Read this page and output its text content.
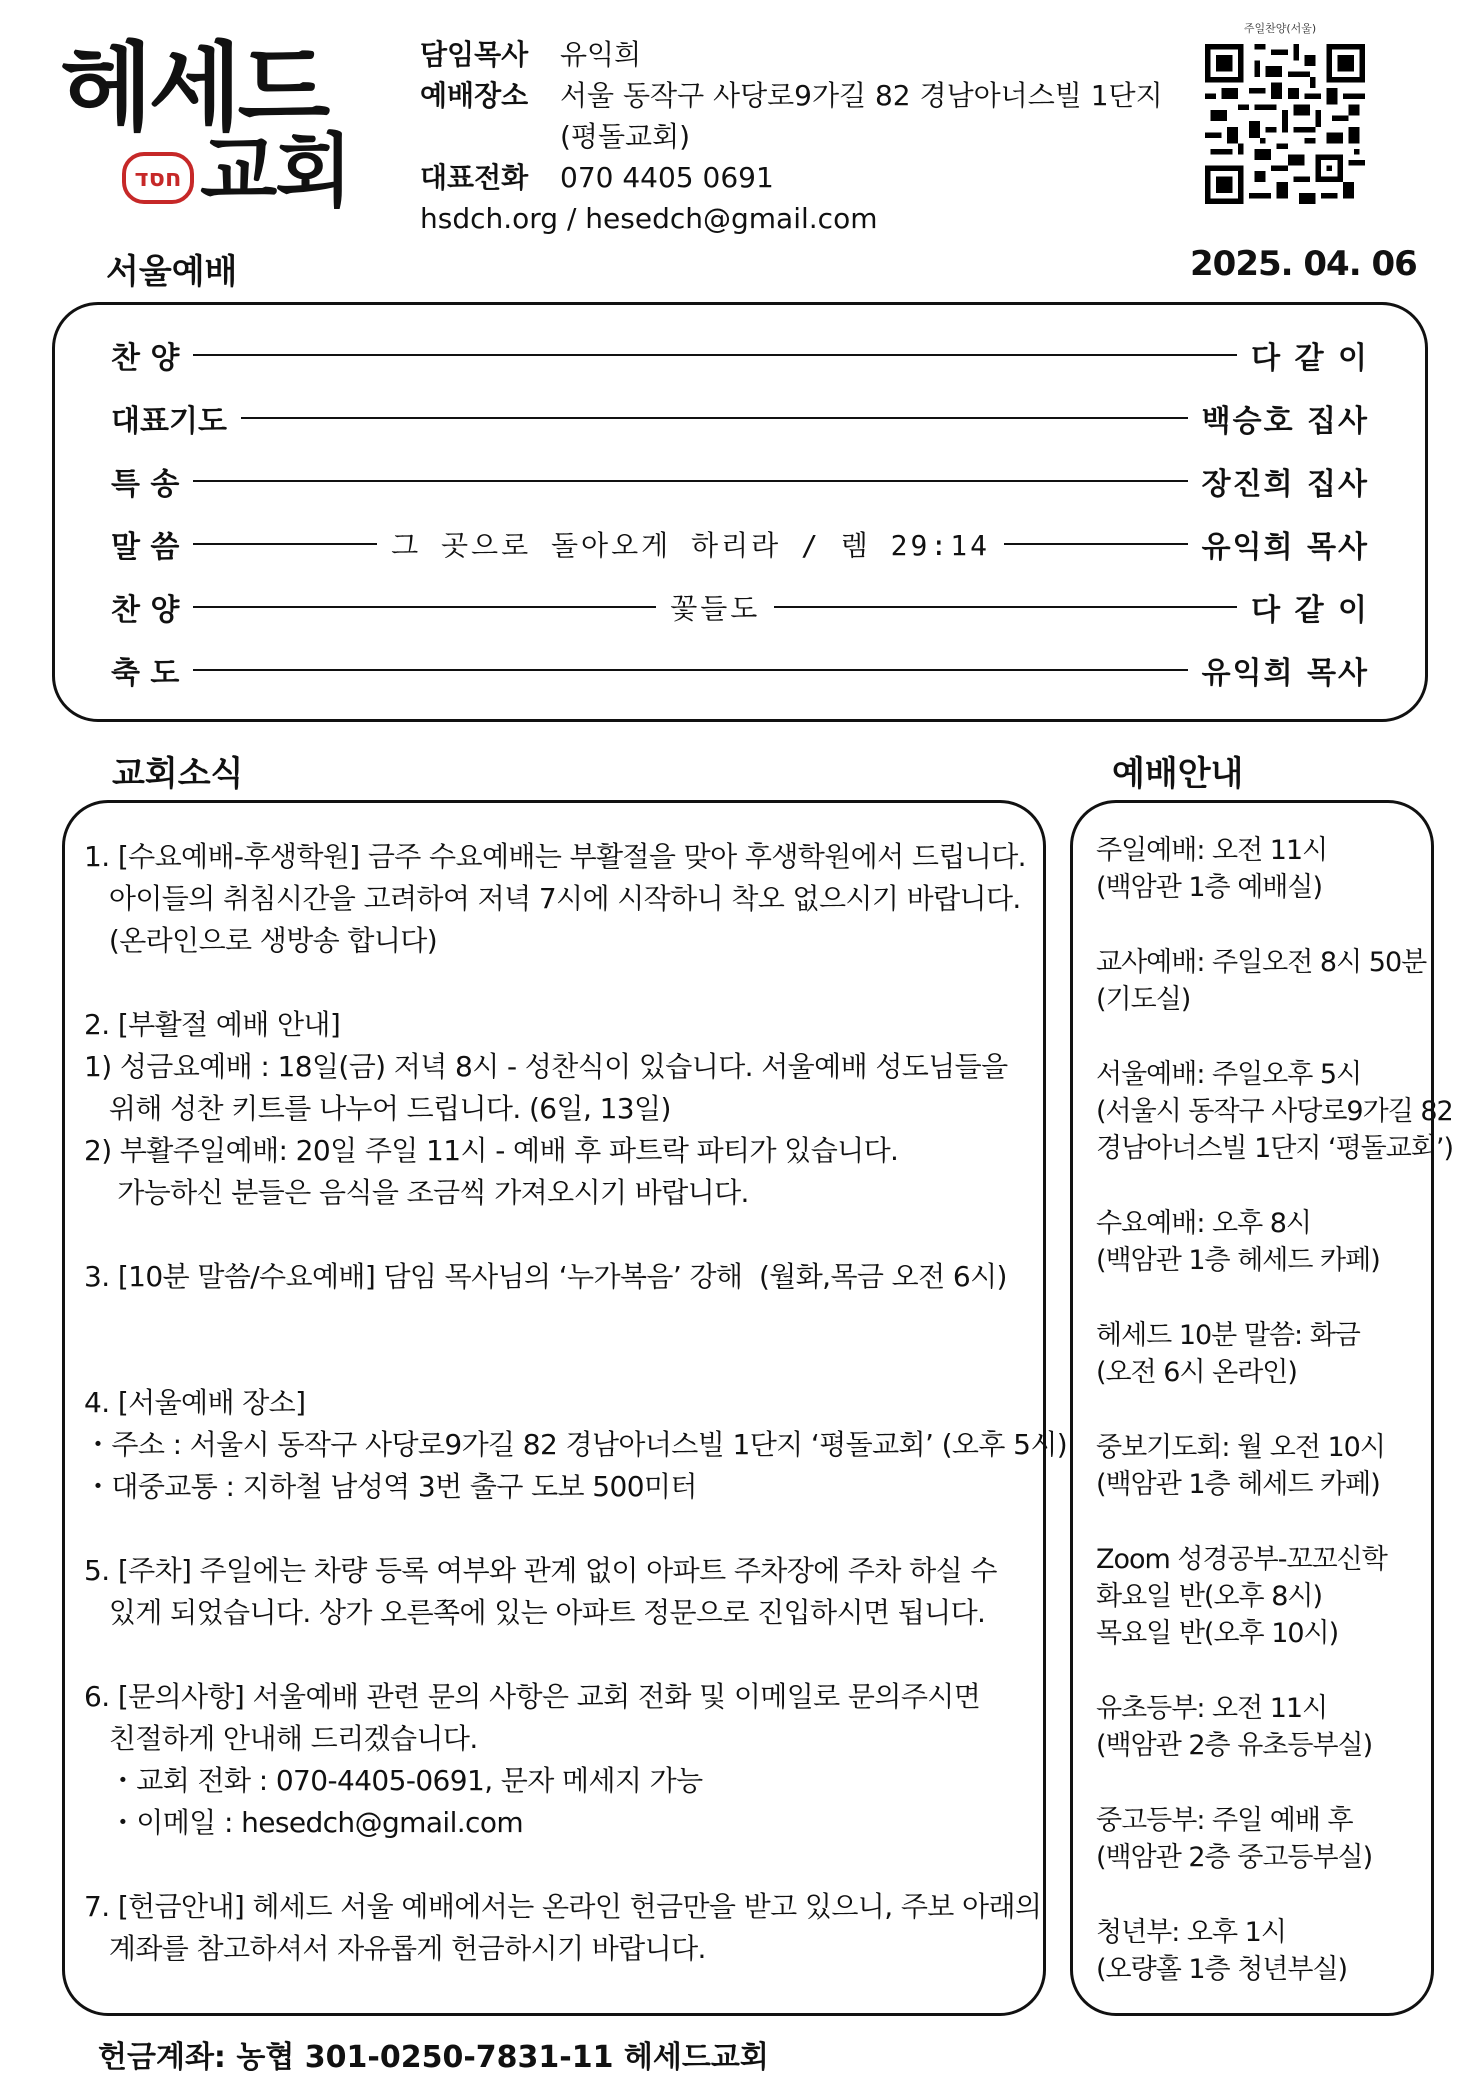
헤세드
חסד 교회
담임목사 유익희
예배장소 서울 동작구 사당로9가길 82 경남아너스빌 1단지
(평돌교회)
대표전화 070 4405 0691
hsdch.org / hesedch@gmail.com
주일찬양(서울)
서울예배	2025. 04. 06
찬 양	다 같 이
대표기도	백승호 집사
특 송	장진희 집사
말 씀	그 곳으로 돌아오게 하리라 / 렘 29:14	유익희 목사
찬 양	꽃들도	다 같 이
축 도	유익희 목사
교회소식	예배안내
1. [수요예배-후생학원] 금주 수요예배는 부활절을 맞아 후생학원에서 드립니다.
아이들의 취침시간을 고려하여 저녁 7시에 시작하니 착오 없으시기 바랍니다.
(온라인으로 생방송 합니다)

2. [부활절 예배 안내]
1) 성금요예배 : 18일(금) 저녁 8시 - 성찬식이 있습니다. 서울예배 성도님들을
위해 성찬 키트를 나누어 드립니다. (6일, 13일)
2) 부활주일예배: 20일 주일 11시 - 예배 후 파트락 파티가 있습니다.
가능하신 분들은 음식을 조금씩 가져오시기 바랍니다.

3. [10분 말씀/수요예배] 담임 목사님의 ‘누가복음’ 강해  (월화,목금 오전 6시)

4. [서울예배 장소]
・주소 : 서울시 동작구 사당로9가길 82 경남아너스빌 1단지 ‘평돌교회’ (오후 5시)
・대중교통 : 지하철 남성역 3번 출구 도보 500미터

5. [주차] 주일에는 차량 등록 여부와 관계 없이 아파트 주차장에 주차 하실 수
있게 되었습니다. 상가 오른쪽에 있는 아파트 정문으로 진입하시면 됩니다.

6. [문의사항] 서울예배 관련 문의 사항은 교회 전화 및 이메일로 문의주시면
친절하게 안내해 드리겠습니다.
・교회 전화 : 070-4405-0691, 문자 메세지 가능
・이메일 : hesedch@gmail.com

7. [헌금안내] 헤세드 서울 예배에서는 온라인 헌금만을 받고 있으니, 주보 아래의
계좌를 참고하셔서 자유롭게 헌금하시기 바랍니다.
주일예배: 오전 11시
(백암관 1층 예배실)
교사예배: 주일오전 8시 50분
(기도실)
서울예배: 주일오후 5시
(서울시 동작구 사당로9가길 82
경남아너스빌 1단지 ‘평돌교회’)
수요예배: 오후 8시
(백암관 1층 헤세드 카페)
헤세드 10분 말씀: 화금
(오전 6시 온라인)
중보기도회: 월 오전 10시
(백암관 1층 헤세드 카페)
Zoom 성경공부-꼬꼬신학
화요일 반(오후 8시)
목요일 반(오후 10시)
유초등부: 오전 11시
(백암관 2층 유초등부실)
중고등부: 주일 예배 후
(백암관 2층 중고등부실)
청년부: 오후 1시
(오량홀 1층 청년부실)
헌금계좌: 농협 301-0250-7831-11 헤세드교회
